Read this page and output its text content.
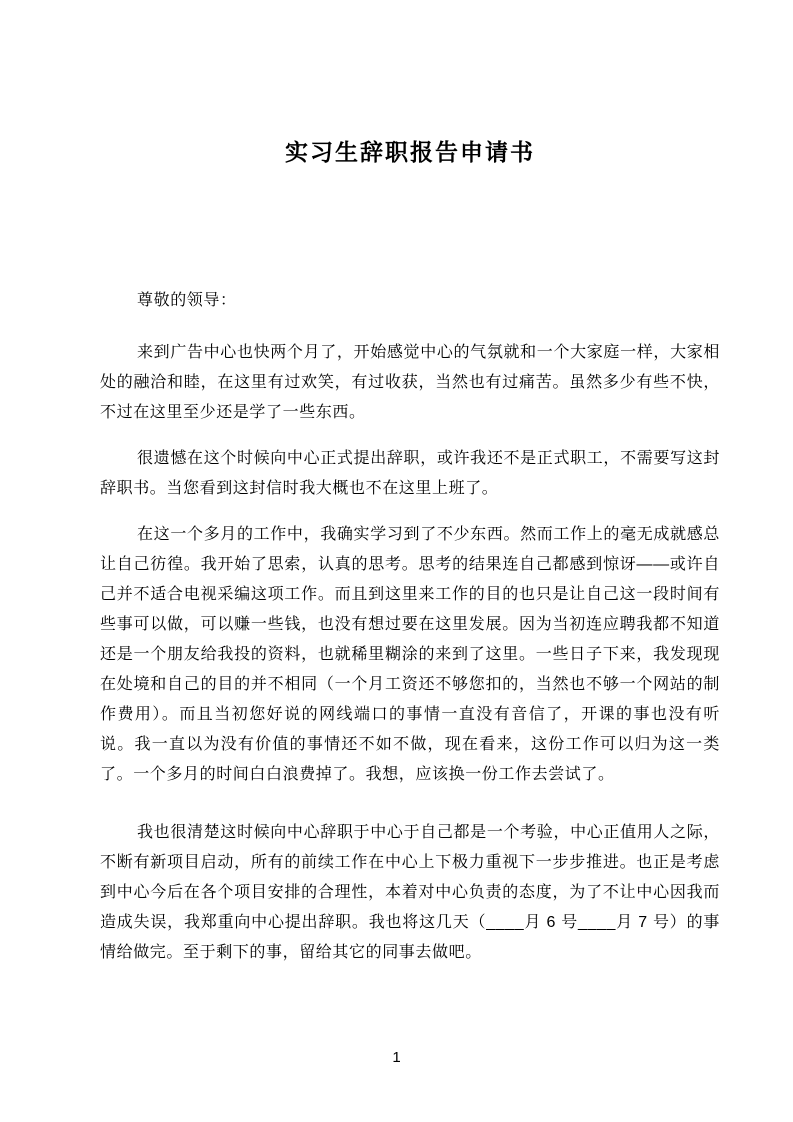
实习生辞职报告申请书

尊敬的领导：

来到广告中心也快两个月了，开始感觉中心的气氛就和一个大家庭一样，大家相处的融洽和睦，在这里有过欢笑，有过收获，当然也有过痛苦。虽然多少有些不快，不过在这里至少还是学了一些东西。

很遗憾在这个时候向中心正式提出辞职，或许我还不是正式职工，不需要写这封辞职书。当您看到这封信时我大概也不在这里上班了。

在这一个多月的工作中，我确实学习到了不少东西。然而工作上的毫无成就感总让自己彷徨。我开始了思索，认真的思考。思考的结果连自己都感到惊讶——或许自己并不适合电视采编这项工作。而且到这里来工作的目的也只是让自己这一段时间有些事可以做，可以赚一些钱，也没有想过要在这里发展。因为当初连应聘我都不知道还是一个朋友给我投的资料，也就稀里糊涂的来到了这里。一些日子下来，我发现现在处境和自己的目的并不相同（一个月工资还不够您扣的，当然也不够一个网站的制作费用）。而且当初您好说的网线端口的事情一直没有音信了，开课的事也没有听说。我一直以为没有价值的事情还不如不做，现在看来，这份工作可以归为这一类了。一个多月的时间白白浪费掉了。我想，应该换一份工作去尝试了。

我也很清楚这时候向中心辞职于中心于自己都是一个考验，中心正值用人之际，不断有新项目启动，所有的前续工作在中心上下极力重视下一步步推进。也正是考虑到中心今后在各个项目安排的合理性，本着对中心负责的态度，为了不让中心因我而造成失误，我郑重向中心提出辞职。我也将这几天（____月 6 号____月 7 号）的事情给做完。至于剩下的事，留给其它的同事去做吧。

1
